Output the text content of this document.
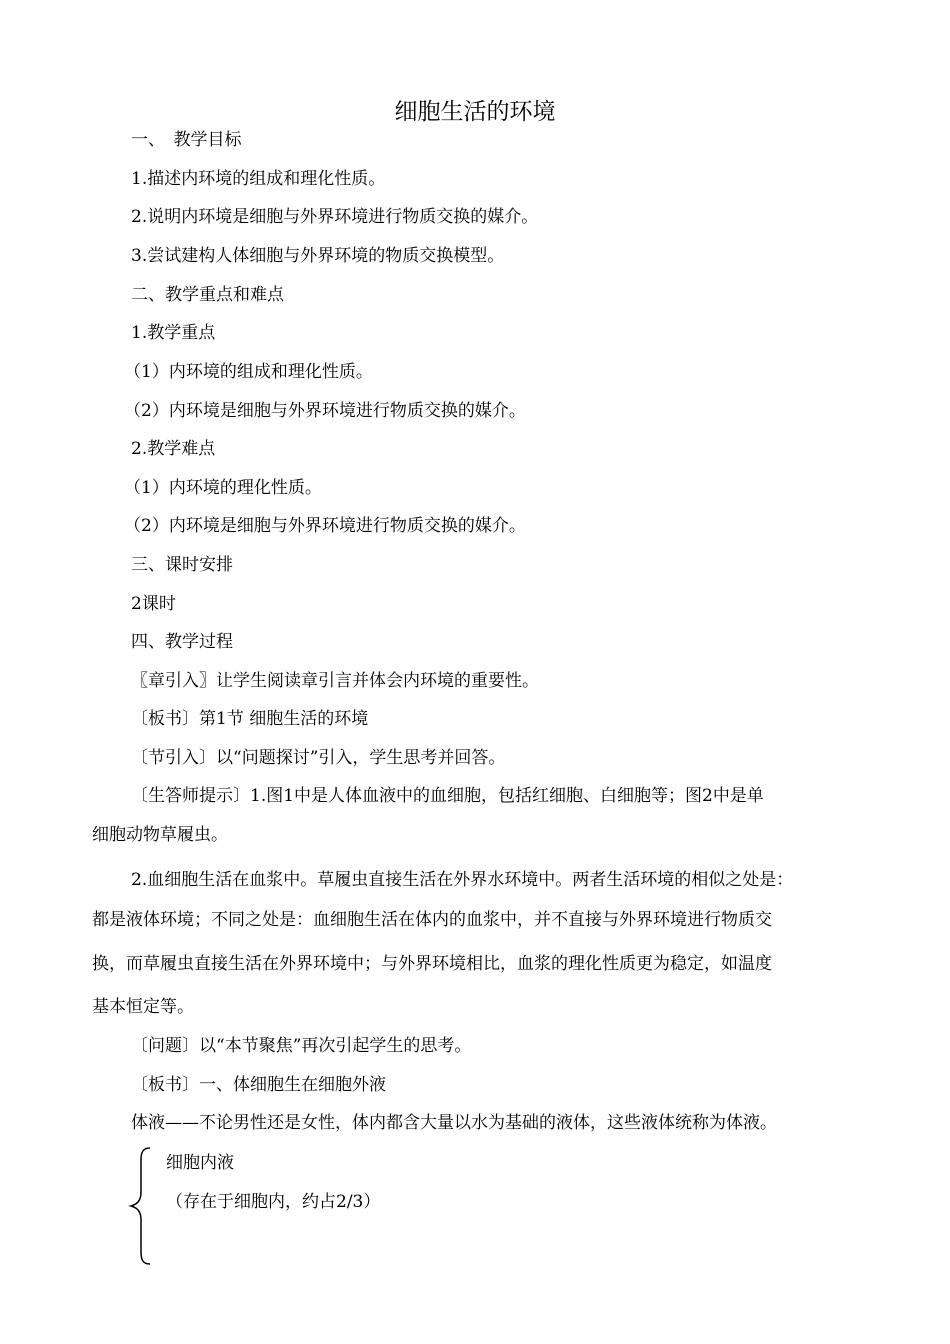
细胞生活的环境
一、　教学目标
1.描述内环境的组成和理化性质。
2.说明内环境是细胞与外界环境进行物质交换的媒介。
3.尝试建构人体细胞与外界环境的物质交换模型。
二、教学重点和难点
1.教学重点
（1）内环境的组成和理化性质。
（2）内环境是细胞与外界环境进行物质交换的媒介。
2.教学难点
（1）内环境的理化性质。
（2）内环境是细胞与外界环境进行物质交换的媒介。
三、课时安排
2课时
四、教学过程
〖章引入〗让学生阅读章引言并体会内环境的重要性。
〔板书〕第1节 细胞生活的环境
〔节引入〕以“问题探讨”引入，学生思考并回答。
〔生答师提示〕1.图1中是人体血液中的血细胞，包括红细胞、白细胞等；图2中是单
细胞动物草履虫。
2.血细胞生活在血浆中。草履虫直接生活在外界水环境中。两者生活环境的相似之处是：
都是液体环境；不同之处是：血细胞生活在体内的血浆中，并不直接与外界环境进行物质交
换，而草履虫直接生活在外界环境中；与外界环境相比，血浆的理化性质更为稳定，如温度
基本恒定等。
〔问题〕以“本节聚焦”再次引起学生的思考。
〔板书〕一、体细胞生在细胞外液
体液——不论男性还是女性，体内都含大量以水为基础的液体，这些液体统称为体液。
细胞内液
（存在于细胞内，约占2/3）
